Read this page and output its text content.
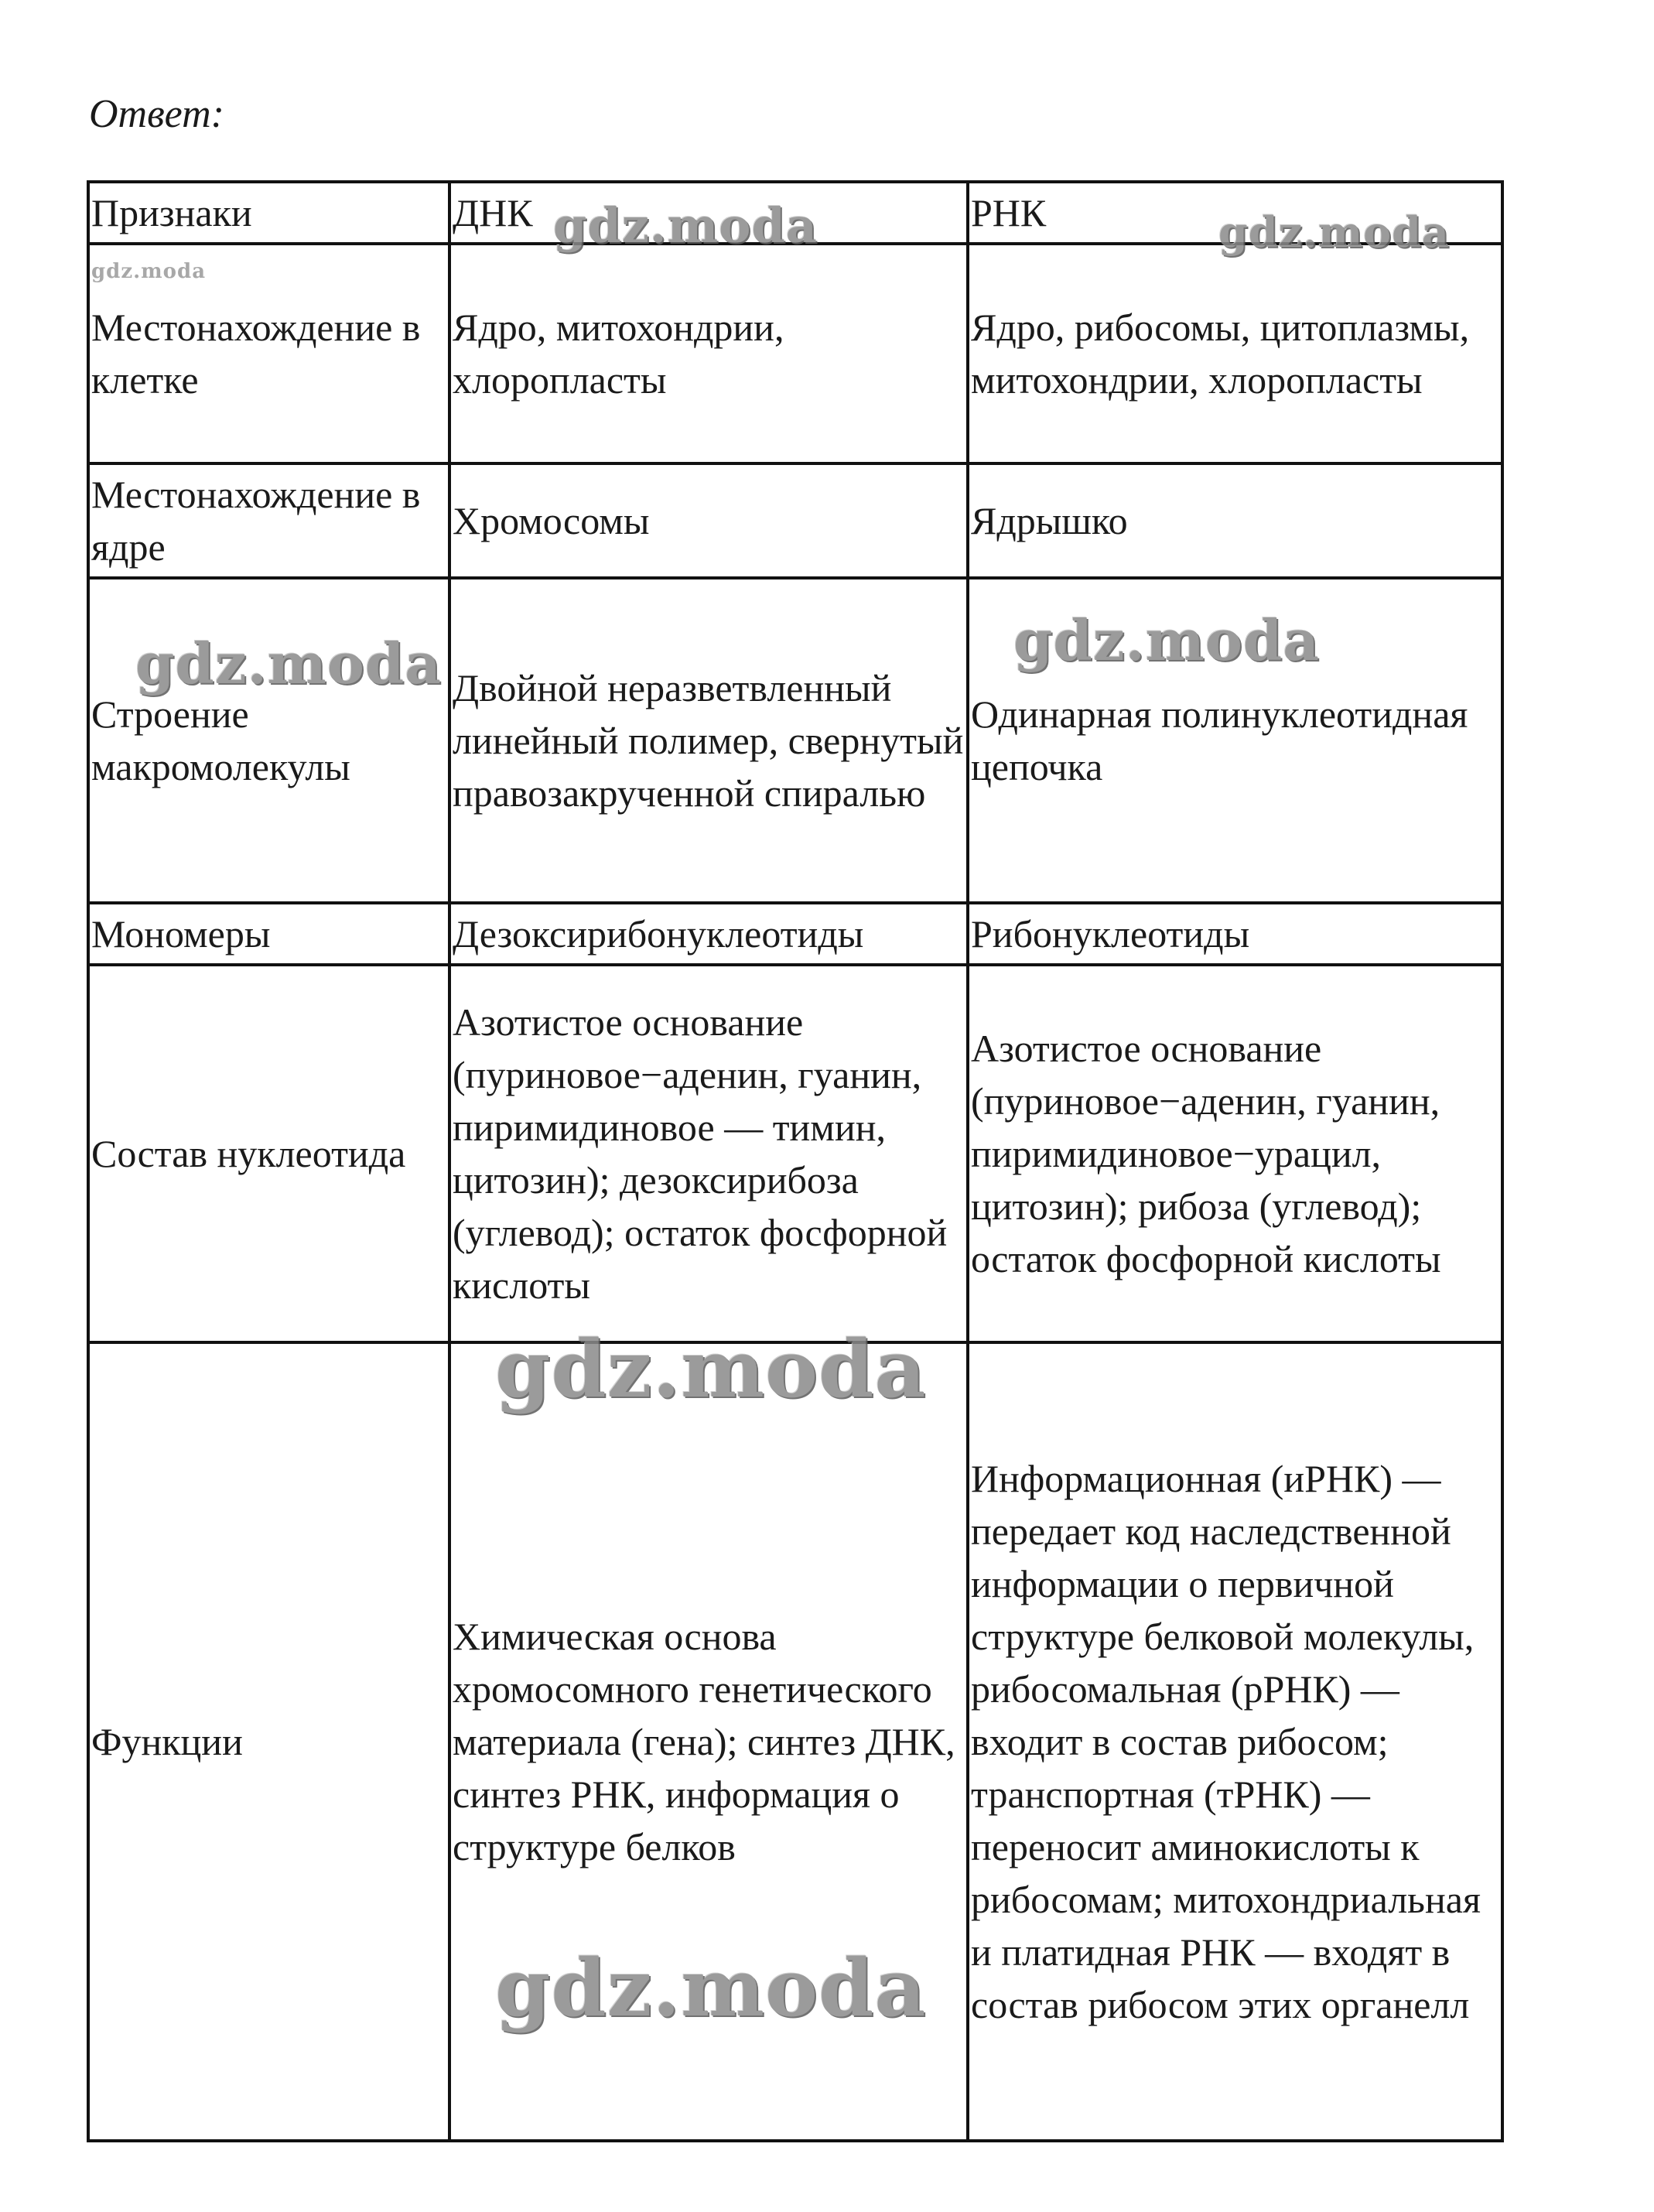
Ответ:
Признаки	ДНК	РНК
Местонахождение в клетке	Ядро, митохондрии, хлоропласты	Ядро, рибосомы, цитоплазмы, митохондрии, хлоропласты
Местонахождение в ядре	Хромосомы	Ядрышко
Строение макромолекулы	Двойной неразветвленный линейный полимер, свернутый правозакрученной спиралью	Одинарная полинуклеотидная цепочка
Мономеры	Дезоксирибонуклеотиды	Рибонуклеотиды
Состав нуклеотида	Азотистое основание (пуриновое−аденин, гуанин, пиримидиновое — тимин, цитозин); дезоксирибоза (углевод); остаток фосфорной кислоты	Азотистое основание (пуриновое−аденин, гуанин, пиримидиновое−урацил, цитозин); рибоза (углевод); остаток фосфорной кислоты
Функции	Химическая основа хромосомного генетического материала (гена); синтез ДНК, синтез РНК, информация о структуре белков	Информационная (иРНК) — передает код наследственной информации о первичной структуре белковой молекулы, рибосомальная (рРНК) — входит в состав рибосом; транспортная (тРНК) — переносит аминокислоты к рибосомам; митохондриальная и платидная РНК — входят в состав рибосом этих органелл
gdz.moda	gdz.moda
gdz.moda
gdz.moda	gdz.moda
gdz.moda
gdz.moda
